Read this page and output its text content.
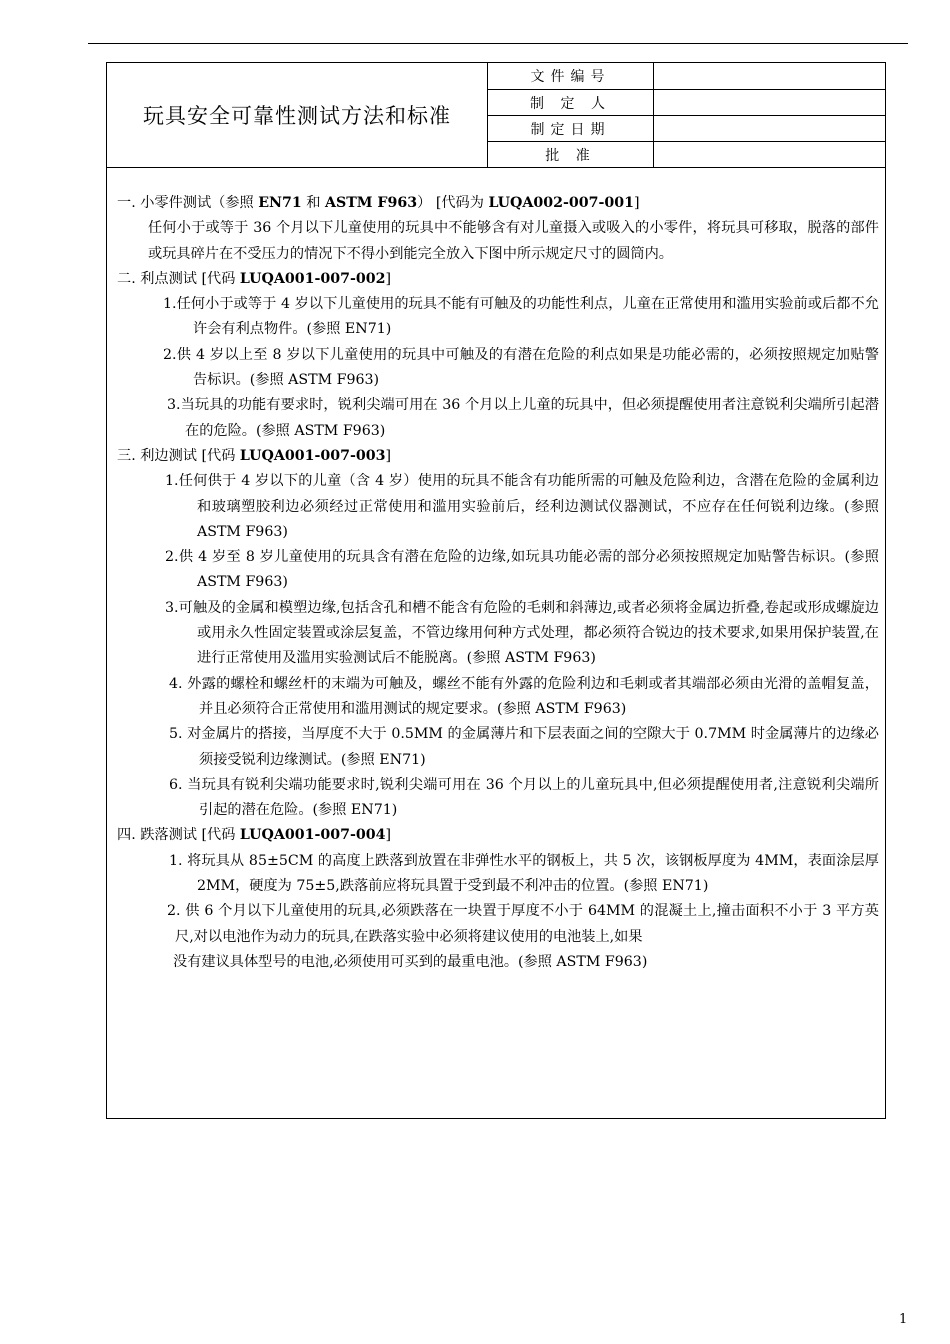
玩具安全可靠性测试方法和标准
文件编号
制 定 人
制定日期
批 准

一. 小零件测试（参照 EN71 和 ASTM F963） [代码为 LUQA002-007-001]

任何小于或等于 36 个月以下儿童使用的玩具中不能够含有对儿童摄入或吸入的小零件，将玩具可移取，脱落的部件或玩具碎片在不受压力的情况下不得小到能完全放入下图中所示规定尺寸的圆筒内。

二. 利点测试 [代码 LUQA001-007-002]

1.任何小于或等于 4 岁以下儿童使用的玩具不能有可触及的功能性利点，儿童在正常使用和滥用实验前或后都不允许会有利点物件。(参照 EN71)

2.供 4 岁以上至 8 岁以下儿童使用的玩具中可触及的有潜在危险的利点如果是功能必需的，必须按照规定加贴警告标识。(参照 ASTM F963)

3.当玩具的功能有要求时，锐利尖端可用在 36 个月以上儿童的玩具中，但必须提醒使用者注意锐利尖端所引起潜在的危险。(参照 ASTM F963)

三. 利边测试 [代码 LUQA001-007-003]

1.任何供于 4 岁以下的儿童（含 4 岁）使用的玩具不能含有功能所需的可触及危险利边，含潜在危险的金属利边和玻璃塑胶利边必须经过正常使用和滥用实验前后，经利边测试仪器测试，不应存在任何锐利边缘。(参照 ASTM F963)

2.供 4 岁至 8 岁儿童使用的玩具含有潜在危险的边缘,如玩具功能必需的部分必须按照规定加贴警告标识。(参照 ASTM F963)

3.可触及的金属和模塑边缘,包括含孔和槽不能含有危险的毛刺和斜薄边,或者必须将金属边折叠,卷起或形成螺旋边或用永久性固定装置或涂层复盖，不管边缘用何种方式处理，都必须符合锐边的技术要求,如果用保护装置,在进行正常使用及滥用实验测试后不能脱离。(参照 ASTM F963)

4. 外露的螺栓和螺丝杆的末端为可触及，螺丝不能有外露的危险利边和毛刺或者其端部必须由光滑的盖帽复盖，并且必须符合正常使用和滥用测试的规定要求。(参照 ASTM F963)

5. 对金属片的搭接，当厚度不大于 0.5MM 的金属薄片和下层表面之间的空隙大于 0.7MM 时金属薄片的边缘必须接受锐利边缘测试。(参照 EN71)

6. 当玩具有锐利尖端功能要求时,锐利尖端可用在 36 个月以上的儿童玩具中,但必须提醒使用者,注意锐利尖端所引起的潜在危险。(参照 EN71)

四. 跌落测试 [代码 LUQA001-007-004]

1. 将玩具从 85±5CM 的高度上跌落到放置在非弹性水平的钢板上，共 5 次，该钢板厚度为 4MM，表面涂层厚 2MM，硬度为 75±5,跌落前应将玩具置于受到最不利冲击的位置。(参照 EN71)

2. 供 6 个月以下儿童使用的玩具,必须跌落在一块置于厚度不小于 64MM 的混凝土上,撞击面积不小于 3 平方英尺,对以电池作为动力的玩具,在跌落实验中必须将建议使用的电池装上,如果

没有建议具体型号的电池,必须使用可买到的最重电池。(参照 ASTM F963)

1
